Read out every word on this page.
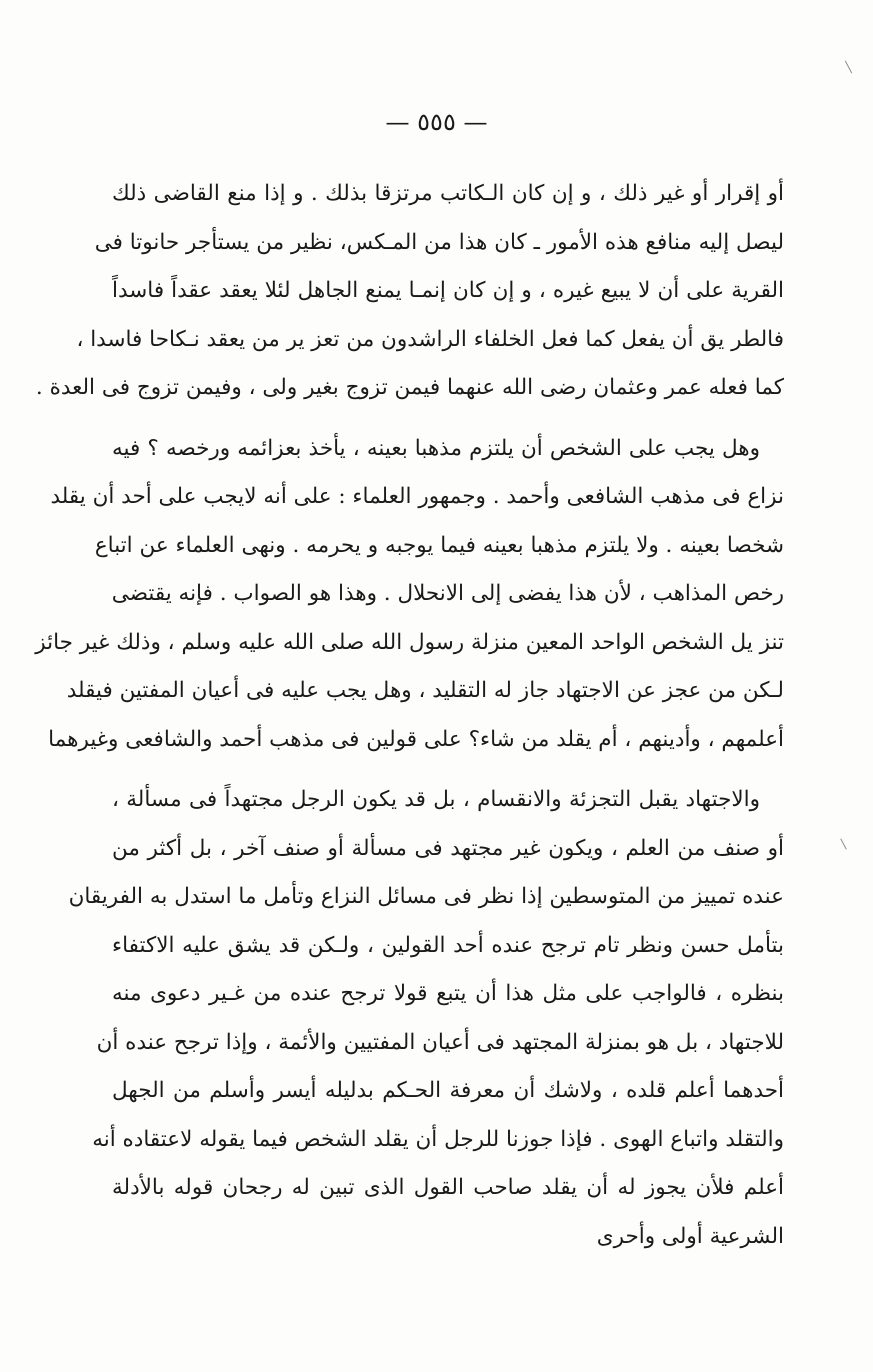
— ٥٥٥ —
أو إقرار أو غير ذلك ، و إن كان الـكاتب مرتزقا بذلك . و إذا منع القاضى ذلك
ليصل إليه منافع هذه الأمور ـ كان هذا من المـكس، نظير من يستأجر حانوتا فى
القرية على أن لا يبيع غيره ، و إن كان إنمـا يمنع الجاهل لئلا يعقد عقداً فاسداً
فالطر يق أن يفعل كما فعل الخلفاء الراشدون من تعز ير من يعقد نـكاحا فاسدا ،
كما فعله عمر وعثمان رضى الله عنهما فيمن تزوج بغير ولى ، وفيمن تزوج فى العدة .
وهل يجب على الشخص أن يلتزم مذهبا بعينه ، يأخذ بعزائمه ورخصه ؟ فيه
نزاع فى مذهب الشافعى وأحمد . وجمهور العلماء : على أنه لايجب على أحد أن يقلد
شخصا بعينه . ولا يلتزم مذهبا بعينه فيما يوجبه و يحرمه . ونهى العلماء عن اتباع
رخص المذاهب ، لأن هذا يفضى إلى الانحلال . وهذا هو الصواب . فإنه يقتضى
تنز يل الشخص الواحد المعين منزلة رسول الله صلى الله عليه وسلم ، وذلك غير جائز
لـكن من عجز عن الاجتهاد جاز له التقليد ، وهل يجب عليه فى أعيان المفتين فيقلد
أعلمهم ، وأدينهم ، أم يقلد من شاء؟ على قولين فى مذهب أحمد والشافعى وغيرهما
والاجتهاد يقبل التجزئة والانقسام ، بل قد يكون الرجل مجتهداً فى مسألة ،
أو صنف من العلم ، ويكون غير مجتهد فى مسألة أو صنف آخر ، بل أكثر من
عنده تمييز من المتوسطين إذا نظر فى مسائل النزاع وتأمل ما استدل به الفريقان
بتأمل حسن ونظر تام ترجح عنده أحد القولين ، ولـكن قد يشق عليه الاكتفاء
بنظره ، فالواجب على مثل هذا أن يتبع قولا ترجح عنده من غـير دعوى منه
للاجتهاد ، بل هو بمنزلة المجتهد فى أعيان المفتيين والأئمة ، وإذا ترجح عنده أن
أحدهما أعلم قلده ، ولاشك أن معرفة الحـكم بدليله أيسر وأسلم من الجهل
والتقلد واتباع الهوى . فإذا جوزنا للرجل أن يقلد الشخص فيما يقوله لاعتقاده أنه
أعلم فلأن يجوز له أن يقلد صاحب القول الذى تبين له رجحان قوله بالأدلة
الشرعية أولى وأحرى
